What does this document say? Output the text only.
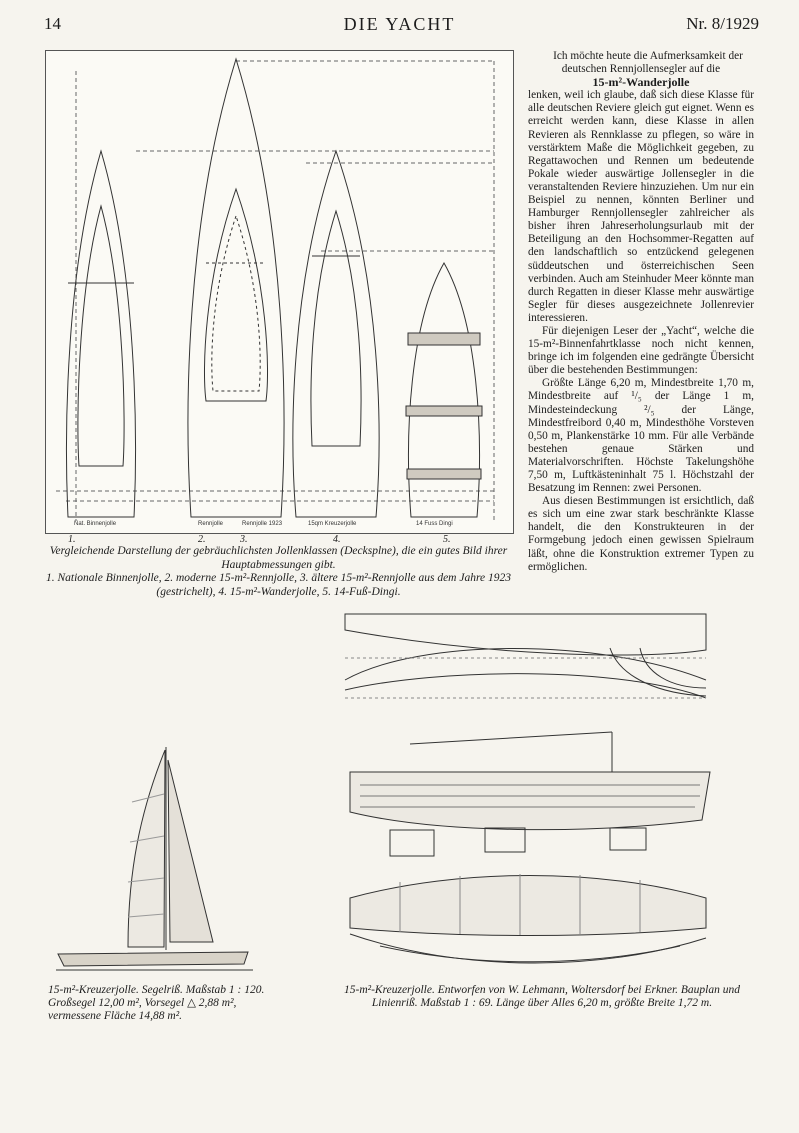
14	DIE YACHT	Nr. 8/1929
Nat. Binnenjolle	Rennjolle	Rennjolle 1923	15qm Kreuzerjolle	14 Fuss Dingi
1.	2.	3.	4.	5.
Vergleichende Darstellung der gebräuchlichsten Jollenklassen (Decksplne), die ein gutes Bild ihrer Hauptabmessungen gibt.
1. Nationale Binnenjolle, 2. moderne 15-m²-Rennjolle, 3. ältere 15-m²-Rennjolle aus dem Jahre 1923 (gestrichelt), 4. 15-m²-Wanderjolle, 5. 14-Fuß-Dingi.

Ich möchte heute die Aufmerksamkeit der deutschen Rennjollensegler auf die

15-m²-Wanderjolle

lenken, weil ich glaube, daß sich diese Klasse für alle deutschen Reviere gleich gut eignet. Wenn es erreicht werden kann, diese Klasse in allen Revieren als Rennklasse zu pflegen, so wäre in verstärktem Maße die Möglichkeit gegeben, zu Regattawochen und Rennen um bedeutende Pokale wieder auswärtige Jollensegler in die veranstaltenden Reviere hinzuziehen. Um nur ein Beispiel zu nennen, könnten Berliner und Hamburger Rennjollensegler zahlreicher als bisher ihren Jahreserholungsurlaub mit der Beteiligung an den Hochsommer-Regatten auf den landschaftlich so entzückend gelegenen süddeutschen und österreichischen Seen verbinden. Auch am Steinhuder Meer könnte man durch Regatten in dieser Klasse mehr auswärtige Segler für dieses ausgezeichnete Jollenrevier interessieren.

Für diejenigen Leser der „Yacht“, welche die 15-m²-Binnenfahrtklasse noch nicht kennen, bringe ich im folgenden eine gedrängte Übersicht über die bestehenden Bestimmungen:

Größte Länge 6,20 m, Mindestbreite 1,70 m, Mindestbreite auf ¹/₅ der Länge 1 m, Mindesteindeckung ²/₅ der Länge, Mindestfreibord 0,40 m, Mindesthöhe Vorsteven 0,50 m, Plankenstärke 10 mm. Für alle Verbände bestehen genaue Stärken und Materialvorschriften. Höchste Takelungshöhe 7,50 m, Luftkästeninhalt 75 l. Höchstzahl der Besatzung im Rennen: zwei Personen.

Aus diesen Bestimmungen ist ersichtlich, daß es sich um eine zwar stark beschränkte Klasse handelt, die den Konstrukteuren in der Formgebung jedoch einen gewissen Spielraum läßt, ohne die Konstruktion extremer Typen zu ermöglichen.

15-m²-Kreuzerjolle. Segelriß. Maßstab 1 : 120. Großsegel 12,00 m², Vorsegel △ 2,88 m², vermessene Fläche 14,88 m².
15-m²-Kreuzerjolle. Entworfen von W. Lehmann, Woltersdorf bei Erkner. Bauplan und Linienriß. Maßstab 1 : 69. Länge über Alles 6,20 m, größte Breite 1,72 m.
